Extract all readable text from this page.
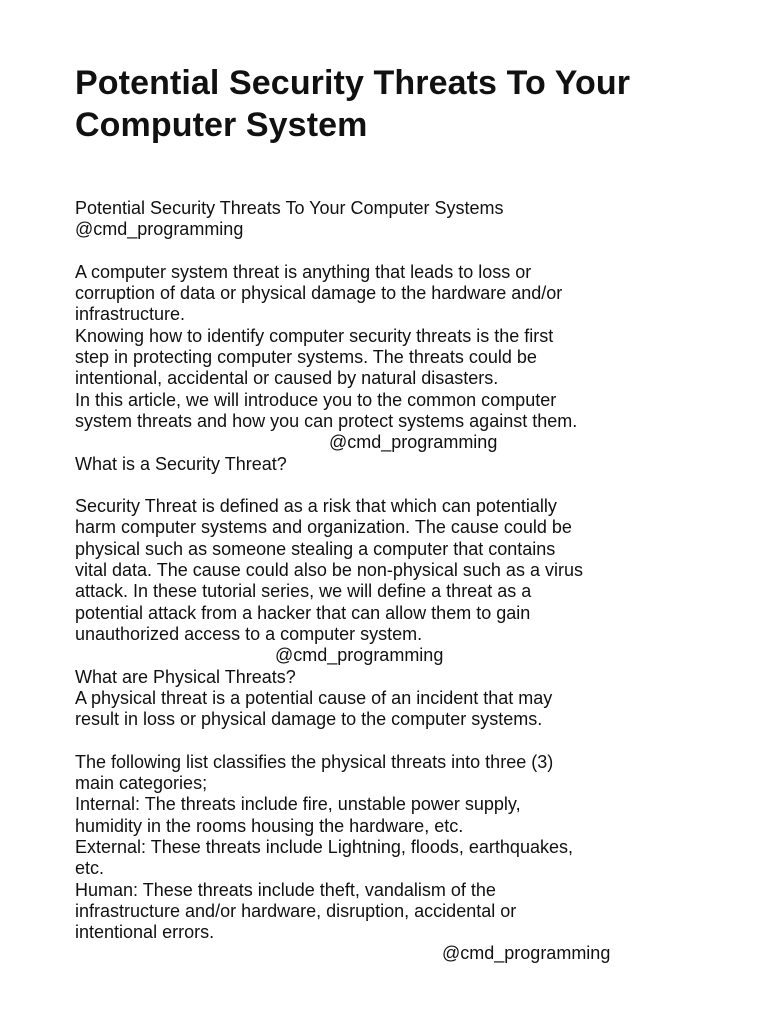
Potential Security Threats To Your Computer System
Potential Security Threats To Your Computer Systems
@cmd_programming
A computer system threat is anything that leads to loss or
corruption of data or physical damage to the hardware and/or
infrastructure.
Knowing how to identify computer security threats is the first
step in protecting computer systems. The threats could be
intentional, accidental or caused by natural disasters.
In this article, we will introduce you to the common computer
system threats and how you can protect systems against them.
@cmd_programming
What is a Security Threat?
Security Threat is defined as a risk that which can potentially
harm computer systems and organization. The cause could be
physical such as someone stealing a computer that contains
vital data. The cause could also be non-physical such as a virus
attack. In these tutorial series, we will define a threat as a
potential attack from a hacker that can allow them to gain
unauthorized access to a computer system.
@cmd_programming
What are Physical Threats?
A physical threat is a potential cause of an incident that may
result in loss or physical damage to the computer systems.
The following list classifies the physical threats into three (3)
main categories;
Internal: The threats include fire, unstable power supply,
humidity in the rooms housing the hardware, etc.
External: These threats include Lightning, floods, earthquakes,
etc.
Human: These threats include theft, vandalism of the
infrastructure and/or hardware, disruption, accidental or
intentional errors.
@cmd_programming
